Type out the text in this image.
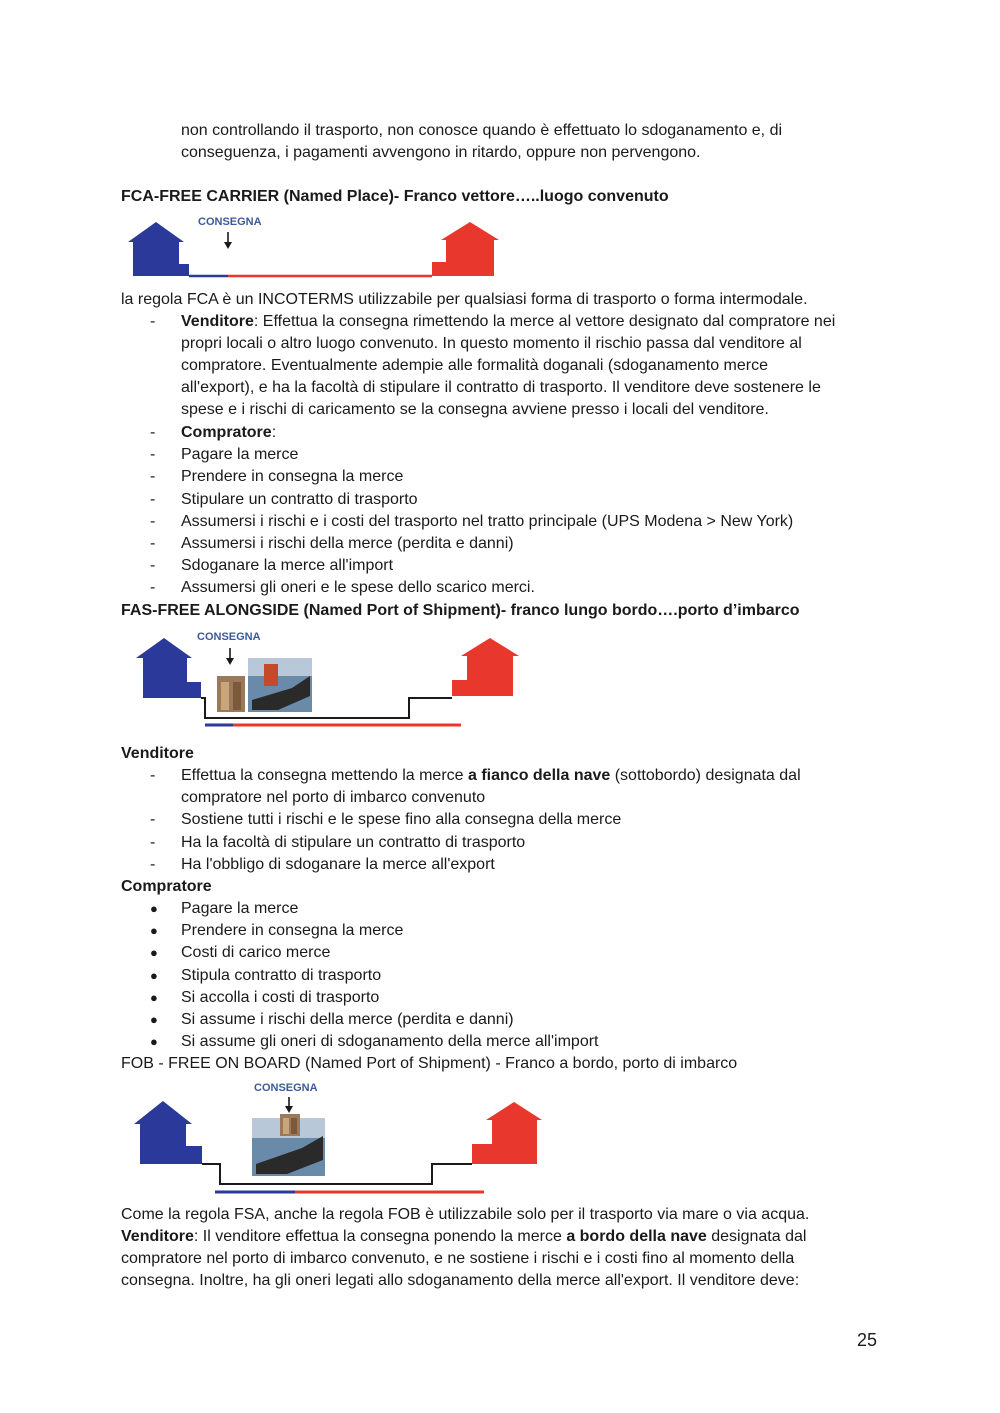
non controllando il trasporto, non conosce quando è effettuato lo sdoganamento e, di
conseguenza, i pagamenti avvengono in ritardo, oppure non pervengono.
FCA-FREE CARRIER (Named Place)- Franco vettore…..luogo convenuto
CONSEGNA
la regola FCA è un INCOTERMS utilizzabile per qualsiasi forma di trasporto o forma intermodale.
- Venditore: Effettua la consegna rimettendo la merce al vettore designato dal compratore nei
propri locali o altro luogo convenuto. In questo momento il rischio passa dal venditore al
compratore. Eventualmente adempie alle formalità doganali (sdoganamento merce
all'export), e ha la facoltà di stipulare il contratto di trasporto. Il venditore deve sostenere le
spese e i rischi di caricamento se la consegna avviene presso i locali del venditore.
- Compratore:
- Pagare la merce
- Prendere in consegna la merce
- Stipulare un contratto di trasporto
- Assumersi i rischi e i costi del trasporto nel tratto principale (UPS Modena > New York)
- Assumersi i rischi della merce (perdita e danni)
- Sdoganare la merce all'import
- Assumersi gli oneri e le spese dello scarico merci.
FAS-FREE ALONGSIDE (Named Port of Shipment)- franco lungo bordo….porto d’imbarco
CONSEGNA
Venditore
- Effettua la consegna mettendo la merce a fianco della nave (sottobordo) designata dal
compratore nel porto di imbarco convenuto
- Sostiene tutti i rischi e le spese fino alla consegna della merce
- Ha la facoltà di stipulare un contratto di trasporto
- Ha l'obbligo di sdoganare la merce all'export
Compratore
● Pagare la merce
● Prendere in consegna la merce
● Costi di carico merce
● Stipula contratto di trasporto
● Si accolla i costi di trasporto
● Si assume i rischi della merce (perdita e danni)
● Si assume gli oneri di sdoganamento della merce all'import
FOB - FREE ON BOARD (Named Port of Shipment) - Franco a bordo, porto di imbarco
CONSEGNA
Come la regola FSA, anche la regola FOB è utilizzabile solo per il trasporto via mare o via acqua.
Venditore: Il venditore effettua la consegna ponendo la merce a bordo della nave designata dal
compratore nel porto di imbarco convenuto, e ne sostiene i rischi e i costi fino al momento della
consegna. Inoltre, ha gli oneri legati allo sdoganamento della merce all'export. Il venditore deve:
25
